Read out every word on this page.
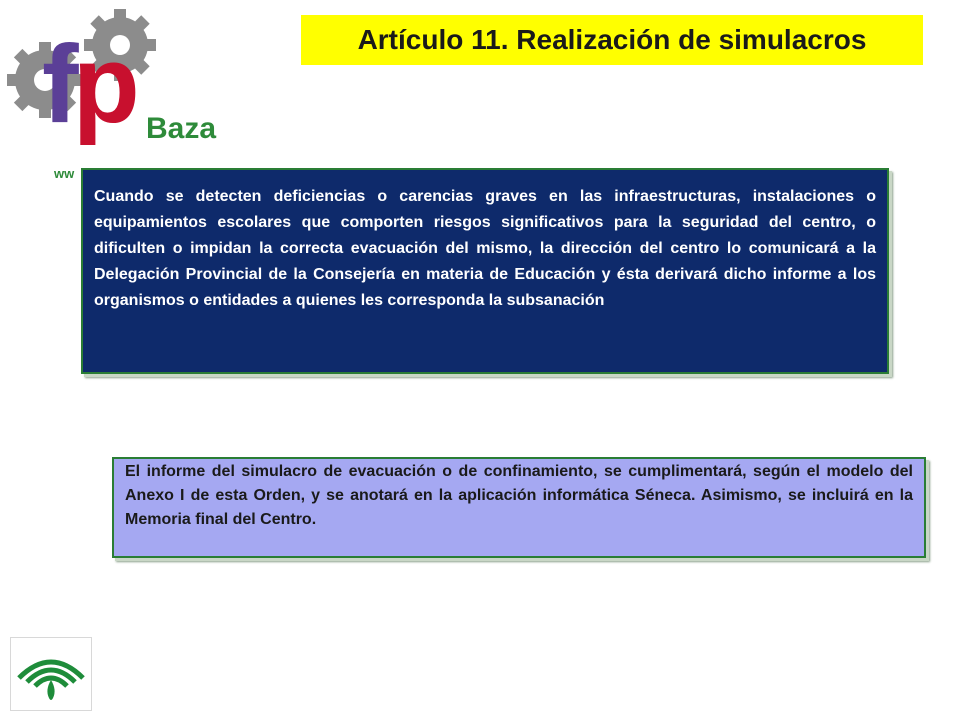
fp Baza
ww
Artículo 11. Realización de simulacros

Cuando se detecten deficiencias o carencias graves en las infraestructuras, instalaciones o equipamientos escolares que comporten riesgos significativos para la seguridad del centro, o dificulten o impidan la correcta evacuación del mismo, la dirección del centro lo comunicará a la Delegación Provincial de la Consejería en materia de Educación y ésta derivará dicho informe a los organismos o entidades a quienes les corresponda la subsanación

El informe del simulacro de evacuación o de confinamiento, se cumplimentará, según el modelo del Anexo I de esta Orden, y se anotará en la aplicación informática Séneca. Asimismo, se incluirá en la Memoria final del Centro.
